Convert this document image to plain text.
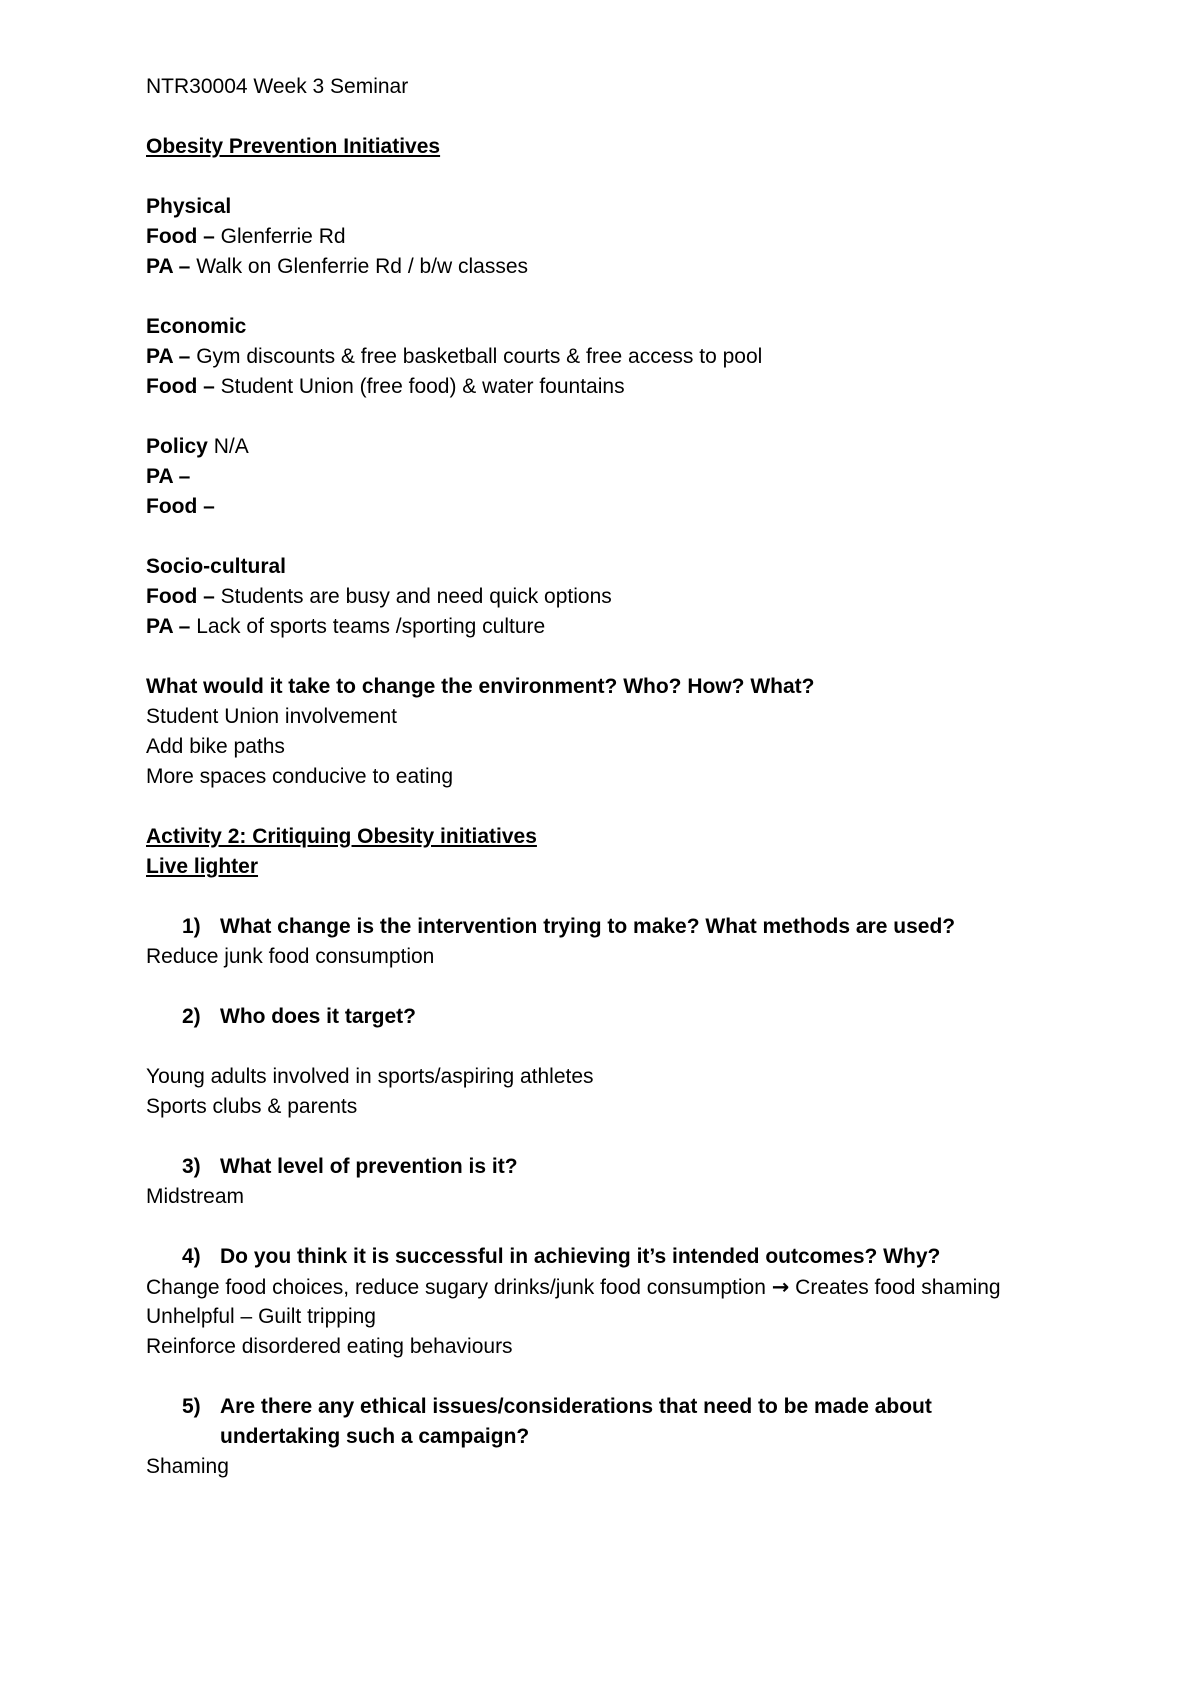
NTR30004 Week 3 Seminar
Obesity Prevention Initiatives
Physical
Food – Glenferrie Rd
PA – Walk on Glenferrie Rd / b/w classes
Economic
PA – Gym discounts & free basketball courts & free access to pool
Food – Student Union (free food) & water fountains
Policy N/A
PA –
Food –
Socio-cultural
Food – Students are busy and need quick options
PA – Lack of sports teams /sporting culture
What would it take to change the environment? Who? How? What?
Student Union involvement
Add bike paths
More spaces conducive to eating
Activity 2: Critiquing Obesity initiatives
Live lighter
1) What change is the intervention trying to make? What methods are used?
Reduce junk food consumption
2) Who does it target?
Young adults involved in sports/aspiring athletes
Sports clubs & parents
3) What level of prevention is it?
Midstream
4) Do you think it is successful in achieving it’s intended outcomes? Why?
Change food choices, reduce sugary drinks/junk food consumption → Creates food shaming
Unhelpful – Guilt tripping
Reinforce disordered eating behaviours
5) Are there any ethical issues/considerations that need to be made about
undertaking such a campaign?
Shaming
